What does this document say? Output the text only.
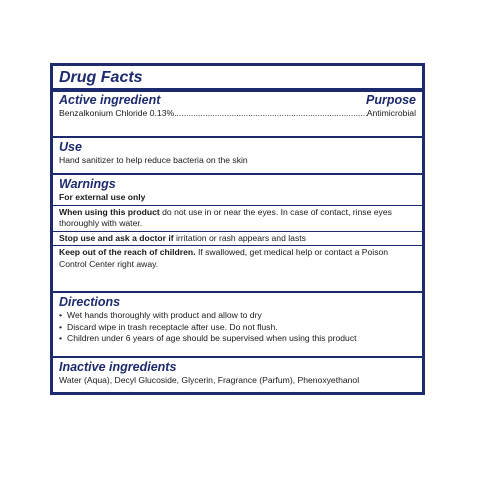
Drug Facts
Active ingredient	Purpose
Benzalkonium Chloride 0.13%
.....	Antimicrobial
Use
Hand sanitizer to help reduce bacteria on the skin
Warnings
For external use only
When using this product do not use in or near the eyes. In case of contact, rinse eyes thoroughly with water.
Stop use and ask a doctor if irritation or rash appears and lasts
Keep out of the reach of children. If swallowed, get medical help or contact a Poison Control Center right away.
Directions
• Wet hands thoroughly with product and allow to dry
• Discard wipe in trash receptacle after use. Do not flush.
• Children under 6 years of age should be supervised when using this product
Inactive ingredients
Water (Aqua), Decyl Glucoside, Glycerin, Fragrance (Parfum), Phenoxyethanol
